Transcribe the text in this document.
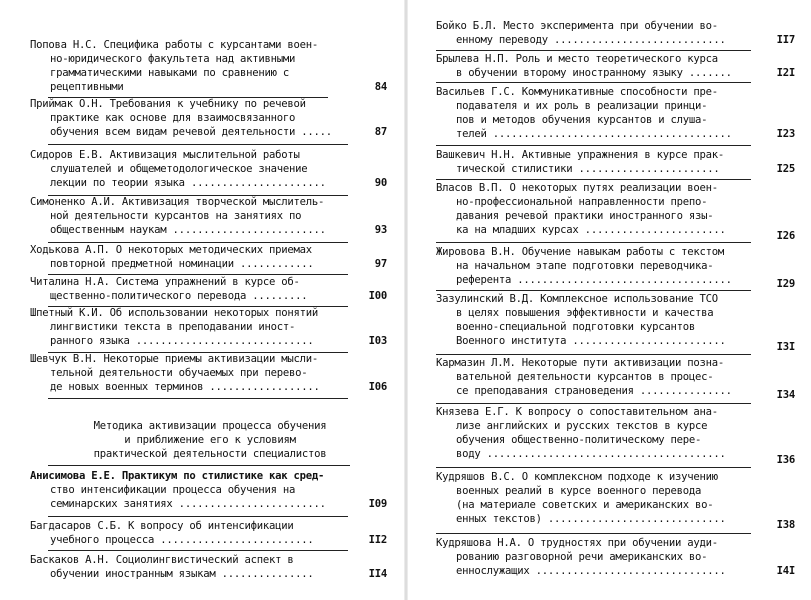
Попова Н.С. Специфика работы с курсантами воен-
но-юридического факультета над активными
грамматическими навыками по сравнению с
рецептивными	84
Приймак О.Н. Требования к учебнику по речевой
практике как основе для взаимосвязанного
обучения всем видам речевой деятельности .....	87
Сидоров Е.В. Активизация мыслительной работы
слушателей и общеметодологическое значение
лекции по теории языка ......................	90
Симоненко А.И. Активизация творческой мыслитель-
ной деятельности курсантов на занятиях по
общественным наукам .........................	93
Ходькова А.П. О некоторых методических приемах
повторной предметной номинации ............	97
Читалина Н.А. Система упражнений в курсе об-
щественно-политического перевода .........	I00
Шпетный К.И. Об использовании некоторых понятий
лингвистики текста в преподавании иност-
ранного языка .............................	I03
Шевчук В.Н. Некоторые приемы активизации мысли-
тельной деятельности обучаемых при перево-
де новых военных терминов ..................	I06
Методика активизации процесса обучения
и приближение его к условиям
практической деятельности специалистов
Анисимова Е.Е. Практикум по стилистике как сред-
ство интенсификации процесса обучения на
семинарских занятиях ........................	I09
Багдасаров С.Б. К вопросу об интенсификации
учебного процесса .........................	II2
Баскаков А.Н. Социолингвистический аспект в
обучении иностранным языкам ...............	II4
Бойко Б.Л. Место эксперимента при обучении во-
енному переводу ............................	II7
Брылева Н.П. Роль и место теоретического курса
в обучении второму иностранному языку .......	I2I
Васильев Г.С. Коммуникативные способности пре-
подавателя и их роль в реализации принци-
пов и методов обучения курсантов и слуша-
телей .......................................	I23
Вашкевич Н.Н. Активные упражнения в курсе прак-
тической стилистики .......................	I25
Власов В.П. О некоторых путях реализации воен-
но-профессиональной направленности препо-
давания речевой практики иностранного язы-
ка на младших курсах .......................	I26
Жировова В.Н. Обучение навыкам работы с текстом
на начальном этапе подготовки переводчика-
референта ...................................	I29
Зазулинский В.Д. Комплексное использование ТСО
в целях повышения эффективности и качества
военно-специальной подготовки курсантов
Военного института .........................	I3I
Кармазин Л.М. Некоторые пути активизации позна-
вательной деятельности курсантов в процес-
се преподавания страноведения ...............	I34
Князева Е.Г. К вопросу о сопоставительном ана-
лизе английских и русских текстов в курсе
обучения общественно-политическому пере-
воду .......................................	I36
Кудряшов В.С. О комплексном подходе к изучению
военных реалий в курсе военного перевода
(на материале советских и американских во-
енных текстов) .............................	I38
Кудряшова Н.А. О трудностях при обучении ауди-
рованию разговорной речи американских во-
еннослужащих ...............................	I4I
